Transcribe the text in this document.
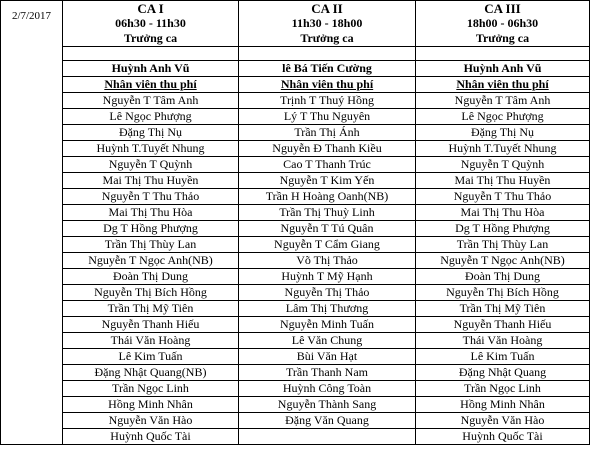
2/7/2017	CA I	CA II	CA III
	06h30 - 11h30	11h30 - 18h00	18h00 - 06h30
	Trưởng ca	Trưởng ca	Trưởng ca

	Huỳnh Anh Vũ	lê Bá Tiến Cường	Huỳnh Anh Vũ
	Nhân viên thu phí	Nhân viên thu phí	Nhân viên thu phí
	Nguyễn T Tâm Anh	Trịnh T Thuý Hồng	Nguyễn T Tâm Anh
	Lê Ngọc Phượng	Lý T Thu Nguyên	Lê Ngọc Phượng
	Đặng Thị Nụ	Trần Thị Ánh	Đặng Thị Nụ
	Huỳnh T.Tuyết Nhung	Nguyễn Đ Thanh Kiều	Huỳnh T.Tuyết Nhung
	Nguyễn T Quỳnh	Cao T Thanh Trúc	Nguyễn T Quỳnh
	Mai Thị Thu Huyền	Nguyễn T Kim Yến	Mai Thị Thu Huyền
	Nguyễn T Thu Thảo	Trần H Hoàng Oanh(NB)	Nguyễn T Thu Thảo
	Mai Thị Thu Hòa	Trần Thị Thuỳ Linh	Mai Thị Thu Hòa
	Dg T Hồng Phượng	Nguyễn T Tú Quân	Dg T Hồng Phượng
	Trần Thị Thùy Lan	Nguyễn T Cẩm Giang	Trần Thị Thùy Lan
	Nguyễn T Ngọc Anh(NB)	Võ Thị Thảo	Nguyễn T Ngọc Anh(NB)
	Đoàn Thị Dung	Huỳnh T Mỹ Hạnh	Đoàn Thị Dung
	Nguyễn Thị Bích Hồng	Nguyễn Thị Thảo	Nguyễn Thị Bích Hồng
	Trần Thị Mỹ Tiên	Lâm Thị Thương	Trần Thị Mỹ Tiên
	Nguyễn Thanh Hiếu	Nguyễn Minh Tuấn	Nguyễn Thanh Hiếu
	Thái Văn Hoàng	Lê Văn Chung	Thái Văn Hoàng
	Lê Kim Tuấn	Bùi Văn Hạt	Lê Kim Tuấn
	Đặng Nhật Quang(NB)	Trần Thanh Nam	Đặng Nhật Quang
	Trần Ngọc Linh	Huỳnh Công Toàn	Trần Ngọc Linh
	Hồng Minh Nhân	Nguyễn Thành Sang	Hồng Minh Nhân
	Nguyễn Văn Hào	Đặng Văn Quang	Nguyễn Văn Hào
	Huỳnh Quốc Tài		Huỳnh Quốc Tài
